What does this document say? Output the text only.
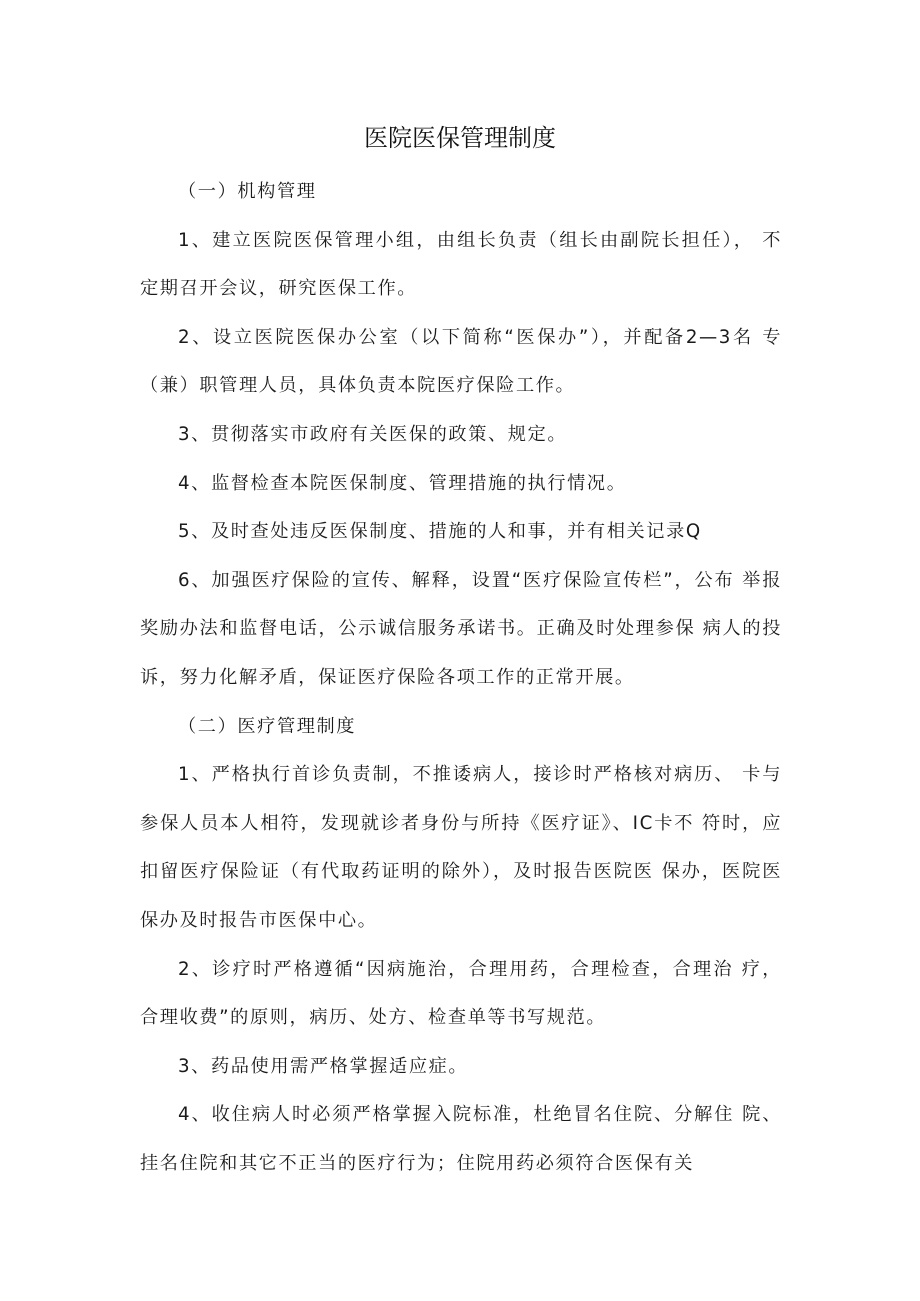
医院医保管理制度

（一）机构管理

1、建立医院医保管理小组，由组长负责（组长由副院长担任）， 不定期召开会议，研究医保工作。

2、设立医院医保办公室（以下简称“医保办”），并配备2—3名 专（兼）职管理人员，具体负责本院医疗保险工作。

3、贯彻落实市政府有关医保的政策、规定。

4、监督检查本院医保制度、管理措施的执行情况。

5、及时查处违反医保制度、措施的人和事，并有相关记录Q

6、加强医疗保险的宣传、解释，设置“医疗保险宣传栏”，公布 举报奖励办法和监督电话，公示诚信服务承诺书。正确及时处理参保 病人的投诉，努力化解矛盾，保证医疗保险各项工作的正常开展。

（二）医疗管理制度

1、严格执行首诊负责制，不推诿病人，接诊时严格核对病历、 卡与参保人员本人相符，发现就诊者身份与所持《医疗证》、IC卡不 符时，应扣留医疗保险证（有代取药证明的除外），及时报告医院医 保办，医院医保办及时报告市医保中心。

2、诊疗时严格遵循“因病施治，合理用药，合理检查，合理治 疗，合理收费”的原则，病历、处方、检查单等书写规范。

3、药品使用需严格掌握适应症。

4、收住病人时必须严格掌握入院标准，杜绝冒名住院、分解住 院、挂名住院和其它不正当的医疗行为；住院用药必须符合医保有关
